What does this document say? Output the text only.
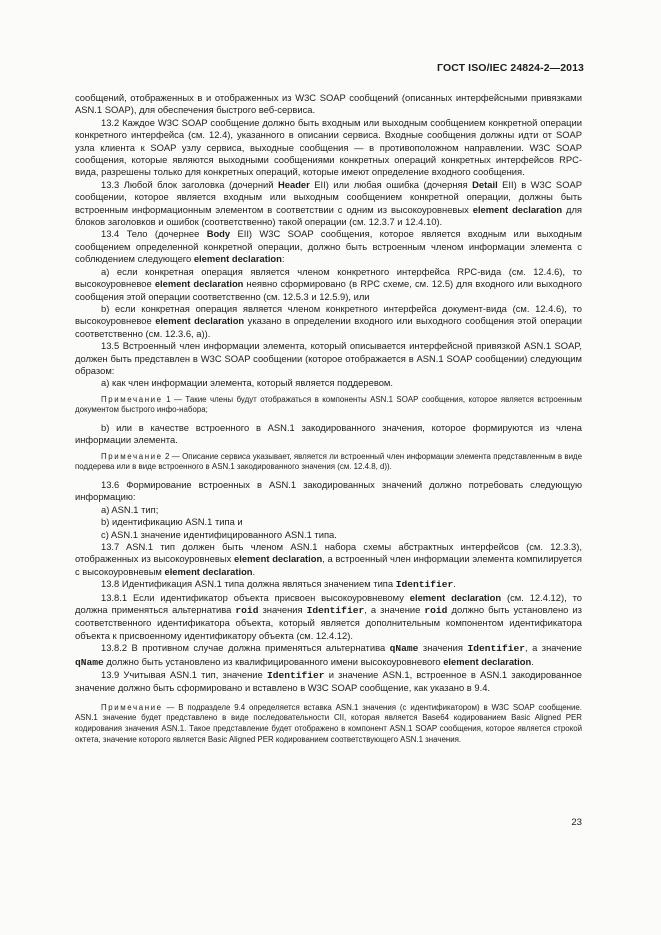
ГОСТ ISO/IEC 24824-2—2013

сообщений, отображенных в и отображенных из W3C SOAP сообщений (описанных интерфейсными привязками ASN.1 SOAP), для обеспечения быстрого веб-сервиса.

13.2 Каждое W3C SOAP сообщение должно быть входным или выходным сообщением конкретной операции конкретного интерфейса (см. 12.4), указанного в описании сервиса. Входные сообщения должны идти от SOAP узла клиента к SOAP узлу сервиса, выходные сообщения — в противоположном направлении. W3C SOAP сообщения, которые являются выходными сообщениями конкретных операций конкретных интерфейсов RPC-вида, разрешены только для конкретных операций, которые имеют определение входного сообщения.

13.3 Любой блок заголовка (дочерний Header EII) или любая ошибка (дочерняя Detail EII) в W3C SOAP сообщении, которое является входным или выходным сообщением конкретной операции, должны быть встроенным информационным элементом в соответствии с одним из высокоуровневых element declaration для блоков заголовков и ошибок (соответственно) такой операции (см. 12.3.7 и 12.4.10).

13.4 Тело (дочернее Body EII) W3C SOAP сообщения, которое является входным или выходным сообщением определенной конкретной операции, должно быть встроенным членом информации элемента с соблюдением следующего element declaration:

a) если конкретная операция является членом конкретного интерфейса RPC-вида (см. 12.4.6), то высокоуровневое element declaration неявно сформировано (в RPC схеме, см. 12.5) для входного или выходного сообщения этой операции соответственно (см. 12.5.3 и 12.5.9), или

b) если конкретная операция является членом конкретного интерфейса документ-вида (см. 12.4.6), то высокоуровневое element declaration указано в определении входного или выходного сообщения этой операции соответственно (см. 12.3.6, a)).

13.5 Встроенный член информации элемента, который описывается интерфейсной привязкой ASN.1 SOAP, должен быть представлен в W3C SOAP сообщении (которое отображается в ASN.1 SOAP сообщении) следующим образом:

a) как член информации элемента, который является поддеревом.

Примечание 1 — Такие члены будут отображаться в компоненты ASN.1 SOAP сообщения, которое является встроенным документом быстрого инфо-набора;

b) или в качестве встроенного в ASN.1 закодированного значения, которое формируются из члена информации элемента.

Примечание 2 — Описание сервиса указывает, является ли встроенный член информации элемента представленным в виде поддерева или в виде встроенного в ASN.1 закодированного значения (см. 12.4.8, d)).

13.6 Формирование встроенных в ASN.1 закодированных значений должно потребовать следующую информацию:

a) ASN.1 тип;

b) идентификацию ASN.1 типа и

c) ASN.1 значение идентифицированного ASN.1 типа.

13.7 ASN.1 тип должен быть членом ASN.1 набора схемы абстрактных интерфейсов (см. 12.3.3), отображенных из высокоуровневых element declaration, а встроенный член информации элемента компилируется с высокоуровневым element declaration.

13.8 Идентификация ASN.1 типа должна являться значением типа Identifier.

13.8.1 Если идентификатор объекта присвоен высокоуровневому element declaration (см. 12.4.12), то должна применяться альтернатива roid значения Identifier, а значение roid должно быть установлено из соответственного идентификатора объекта, который является дополнительным компонентом идентификатора объекта к присвоенному идентификатору объекта (см. 12.4.12).

13.8.2 В противном случае должна применяться альтернатива qName значения Identifier, а значение qName должно быть установлено из квалифицированного имени высокоуровневого element declaration.

13.9 Учитывая ASN.1 тип, значение Identifier и значение ASN.1, встроенное в ASN.1 закодированное значение должно быть сформировано и вставлено в W3C SOAP сообщение, как указано в 9.4.

Примечание — В подразделе 9.4 определяется вставка ASN.1 значения (с идентификатором) в W3C SOAP сообщение. ASN.1 значение будет представлено в виде последовательности CII, которая является Base64 кодированием Basic Aligned PER кодирования значения ASN.1. Такое представление будет отображено в компонент ASN.1 SOAP сообщения, которое является строкой октета, значение которого является Basic Aligned PER кодированием соответствующего ASN.1 значения.

23
